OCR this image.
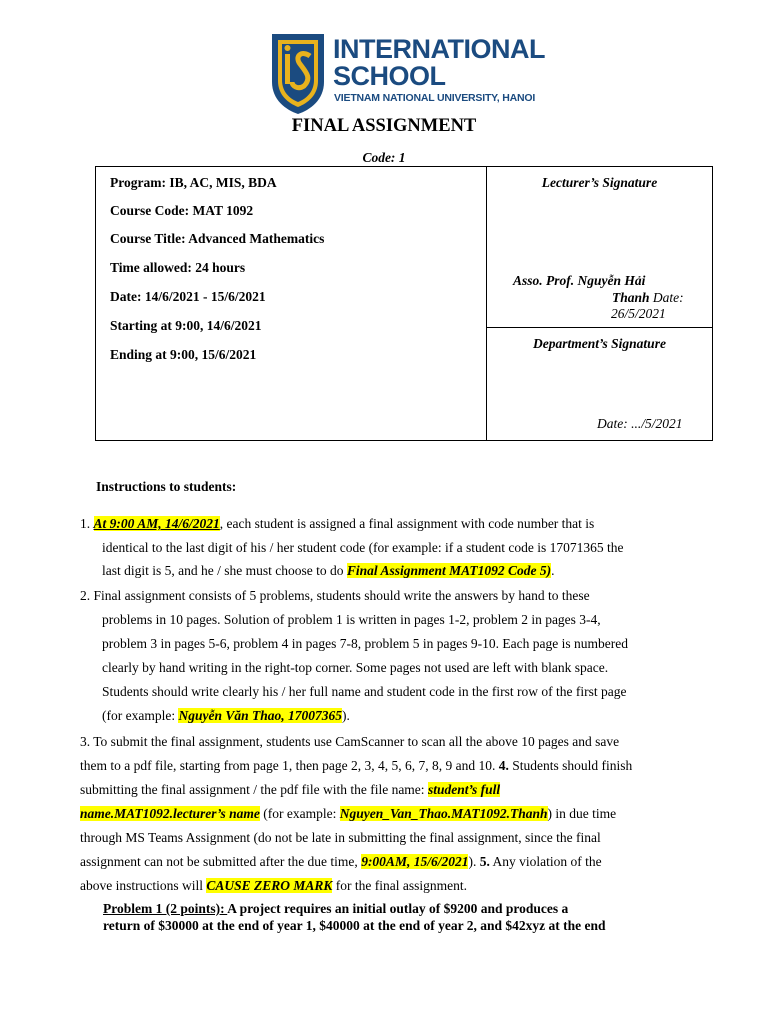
INTERNATIONAL
SCHOOL
VIETNAM NATIONAL UNIVERSITY, HANOI
FINAL ASSIGNMENT
Code: 1
Program: IB, AC, MIS, BDA
Course Code: MAT 1092
Course Title: Advanced Mathematics
Time allowed: 24 hours
Date: 14/6/2021 - 15/6/2021
Starting at 9:00, 14/6/2021
Ending at 9:00, 15/6/2021
Lecturer’s Signature
Asso. Prof. Nguyễn Hải
Thanh Date:
26/5/2021
Department’s Signature
Date: .../5/2021
Instructions to students:
1. At 9:00 AM, 14/6/2021, each student is assigned a final assignment with code number that is
identical to the last digit of his / her student code (for example: if a student code is 17071365 the
last digit is 5, and he / she must choose to do Final Assignment MAT1092 Code 5).
2. Final assignment consists of 5 problems, students should write the answers by hand to these
problems in 10 pages. Solution of problem 1 is written in pages 1-2, problem 2 in pages 3-4,
problem 3 in pages 5-6, problem 4 in pages 7-8, problem 5 in pages 9-10. Each page is numbered
clearly by hand writing in the right-top corner. Some pages not used are left with blank space.
Students should write clearly his / her full name and student code in the first row of the first page
(for example: Nguyễn Văn Thao, 17007365).
3. To submit the final assignment, students use CamScanner to scan all the above 10 pages and save
them to a pdf file, starting from page 1, then page 2, 3, 4, 5, 6, 7, 8, 9 and 10. 4. Students should finish
submitting the final assignment / the pdf file with the file name: student’s full
name.MAT1092.lecturer’s name (for example: Nguyen_Van_Thao.MAT1092.Thanh) in due time
through MS Teams Assignment (do not be late in submitting the final assignment, since the final
assignment can not be submitted after the due time, 9:00AM, 15/6/2021). 5. Any violation of the
above instructions will CAUSE ZERO MARK for the final assignment.
Problem 1 (2 points): A project requires an initial outlay of $9200 and produces a
return of $30000 at the end of year 1, $40000 at the end of year 2, and $42xyz at the end
